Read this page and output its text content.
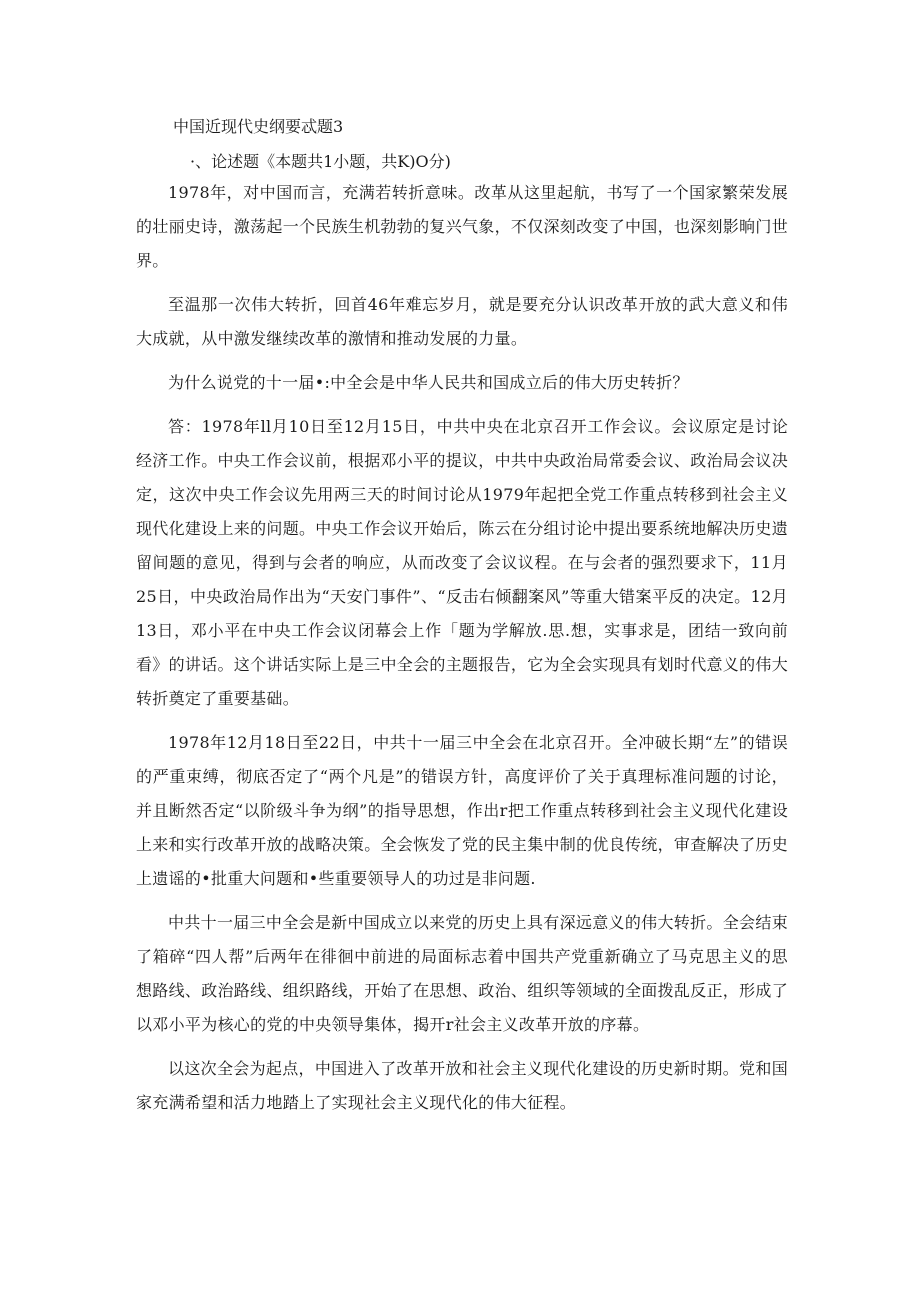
中国近现代史纲要忒题3
·、论述题《本题共1小题，共K)O分)

1978年，对中国而言，充满若转折意味。改革从这里起航，书写了一个国家繁荣发展的壮丽史诗，激荡起一个民族生机勃勃的复兴气象，不仅深刻改变了中国，也深刻影晌门世界。

至温那一次伟大转折，回首46年难忘岁月，就是要充分认识改革开放的武大意义和伟大成就，从中激发继续改革的激情和推动发展的力量。

为什么说党的十一届•:中全会是中华人民共和国成立后的伟大历史转折？

答：1978年ll月10日至12月15日，中共中央在北京召开工作会议。会议原定是讨论经济工作。中央工作会议前，根据邓小平的提议，中共中央政治局常委会议、政治局会议决定，这次中央工作会议先用两三天的时间讨论从1979年起把全党工作重点转移到社会主义现代化建设上来的问题。中央工作会议开始后，陈云在分组讨论中提出要系统地解决历史遗留间题的意见，得到与会者的响应，从而改变了会议议程。在与会者的强烈要求下，11月25日，中央政治局作出为“天安门事件”、“反击右倾翻案风”等重大错案平反的决定。12月13日，邓小平在中央工作会议闭幕会上作「题为学解放.思.想，实事求是，团结一致向前看》的讲话。这个讲话实际上是三中全会的主题报告，它为全会实现具有划时代意义的伟大转折奠定了重要基础。

1978年12月18日至22日，中共十一届三中全会在北京召开。全冲破长期“左”的错误的严重束缚，彻底否定了“两个凡是”的错误方针，高度评价了关于真理标准问题的讨论，并且断然否定“以阶级斗争为纲”的指导思想，作出r把工作重点转移到社会主义现代化建设上来和实行改革开放的战略决策。全会恢发了党的民主集中制的优良传统，审查解决了历史上遗谣的•批重大问题和•些重要领导人的功过是非问题.

中共十一届三中全会是新中国成立以来党的历史上具有深远意义的伟大转折。全会结束了箱碎“四人帮”后两年在徘徊中前进的局面标志着中国共产党重新确立了马克思主义的思想路线、政治路线、组织路线，开始了在思想、政治、组织等领域的全面拨乱反正，形成了以邓小平为核心的党的中央领导集体，揭开r社会主义改革开放的序幕。

以这次全会为起点，中国进入了改革开放和社会主义现代化建设的历史新时期。党和国家充满希望和活力地踏上了实现社会主义现代化的伟大征程。
